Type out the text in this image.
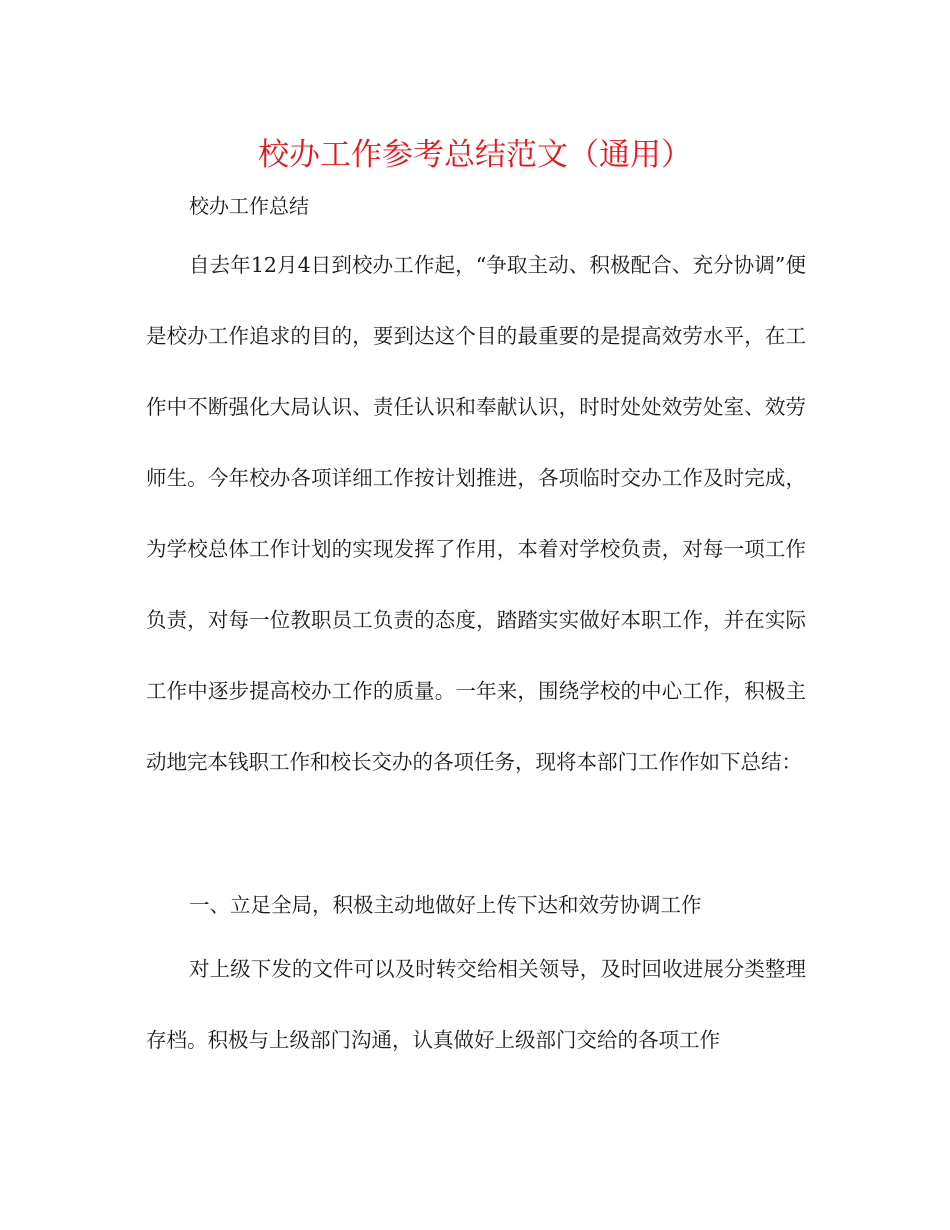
校办工作参考总结范文（通用）

校办工作总结

自去年12月4日到校办工作起，“争取主动、积极配合、充分协调”便是校办工作追求的目的，要到达这个目的最重要的是提高效劳水平，在工作中不断强化大局认识、责任认识和奉献认识，时时处处效劳处室、效劳师生。今年校办各项详细工作按计划推进，各项临时交办工作及时完成，为学校总体工作计划的实现发挥了作用，本着对学校负责，对每一项工作负责，对每一位教职员工负责的态度，踏踏实实做好本职工作，并在实际工作中逐步提高校办工作的质量。一年来，围绕学校的中心工作，积极主动地完本钱职工作和校长交办的各项任务，现将本部门工作作如下总结：

一、立足全局，积极主动地做好上传下达和效劳协调工作

对上级下发的文件可以及时转交给相关领导，及时回收进展分类整理存档。积极与上级部门沟通，认真做好上级部门交给的各项工作
